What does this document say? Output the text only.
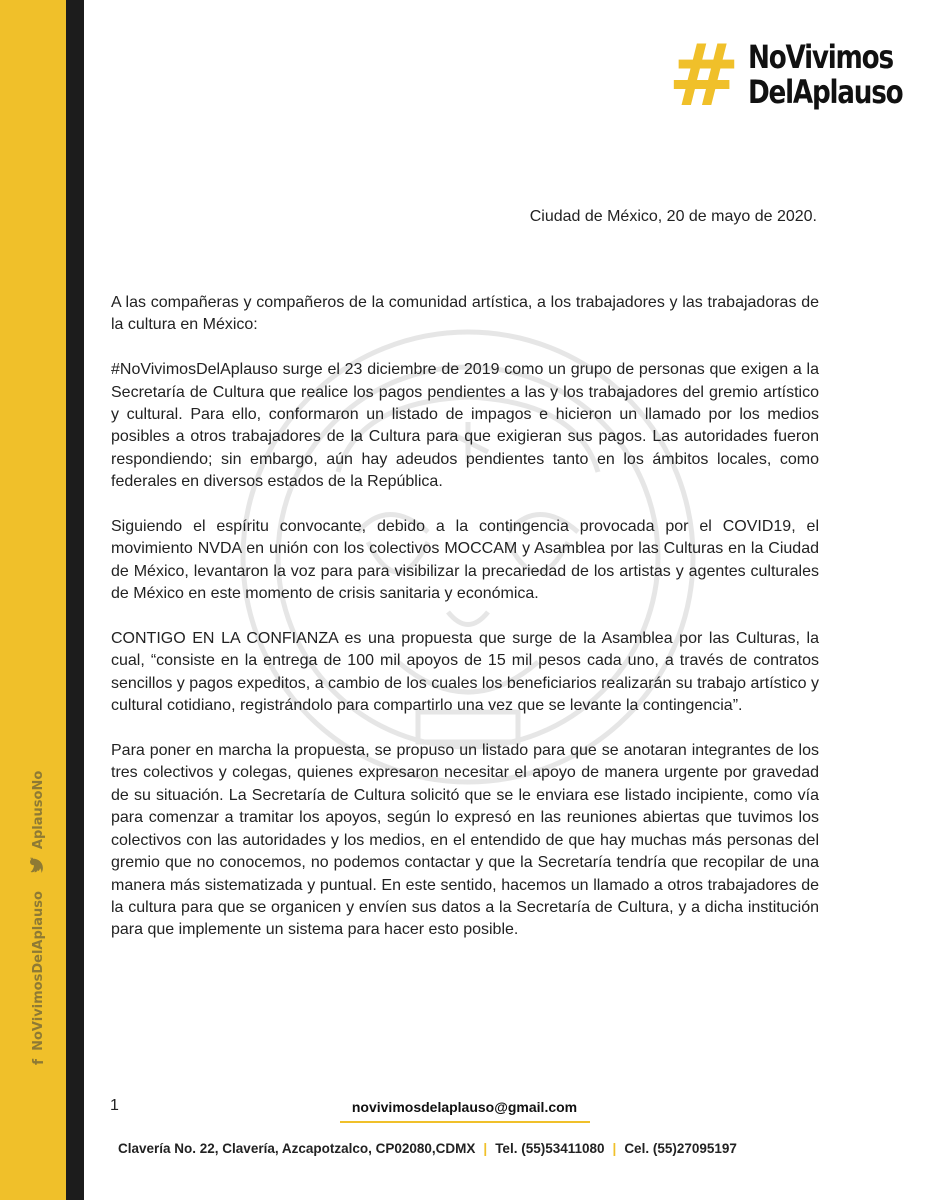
f
NoVivimosDelAplauso
AplausoNo
# NoVivimos
DelAplauso
Ciudad de México, 20 de mayo de 2020.

A las compañeras y compañeros de la comunidad artística, a los trabajadores y las trabajadoras de la cultura en México:

#NoVivimosDelAplauso surge el 23 diciembre de 2019 como un grupo de personas que exigen a la Secretaría de Cultura que realice los pagos pendientes a las y los trabajadores del gremio artístico y cultural. Para ello, conformaron un listado de impagos e hicieron un llamado por los medios posibles a otros trabajadores de la Cultura para que exigieran sus pagos. Las autoridades fueron respondiendo; sin embargo, aún hay adeudos pendientes tanto en los ámbitos locales, como federales en diversos estados de la República.

Siguiendo el espíritu convocante, debido a la contingencia provocada por el COVID19, el movimiento NVDA en unión con los colectivos MOCCAM y Asamblea por las Culturas en la Ciudad de México, levantaron la voz para para visibilizar la precariedad de los artistas y agentes culturales de México en este momento de crisis sanitaria y económica.

CONTIGO EN LA CONFIANZA es una propuesta que surge de la Asamblea por las Culturas, la cual, “consiste en la entrega de 100 mil apoyos de 15 mil pesos cada uno, a través de contratos sencillos y pagos expeditos, a cambio de los cuales los beneficiarios realizarán su trabajo artístico y cultural cotidiano, registrándolo para compartirlo una vez que se levante la contingencia”.

Para poner en marcha la propuesta, se propuso un listado para que se anotaran integrantes de los tres colectivos y colegas, quienes expresaron necesitar el apoyo de manera urgente por gravedad de su situación. La Secretaría de Cultura solicitó que se le enviara ese listado incipiente, como vía para comenzar a tramitar los apoyos, según lo expresó en las reuniones abiertas que tuvimos los colectivos con las autoridades y los medios, en el entendido de que hay muchas más personas del gremio que no conocemos, no podemos contactar y que la Secretaría tendría que recopilar de una manera más sistematizada y puntual. En este sentido, hacemos un llamado a otros trabajadores de la cultura para que se organicen y envíen sus datos a la Secretaría de Cultura, y a dicha institución para que implemente un sistema para hacer esto posible.

1	novivimosdelaplauso@gmail.com
Clavería No. 22, Clavería, Azcapotzalco, CP02080,CDMX | Tel. (55)53411080 | Cel. (55)27095197
